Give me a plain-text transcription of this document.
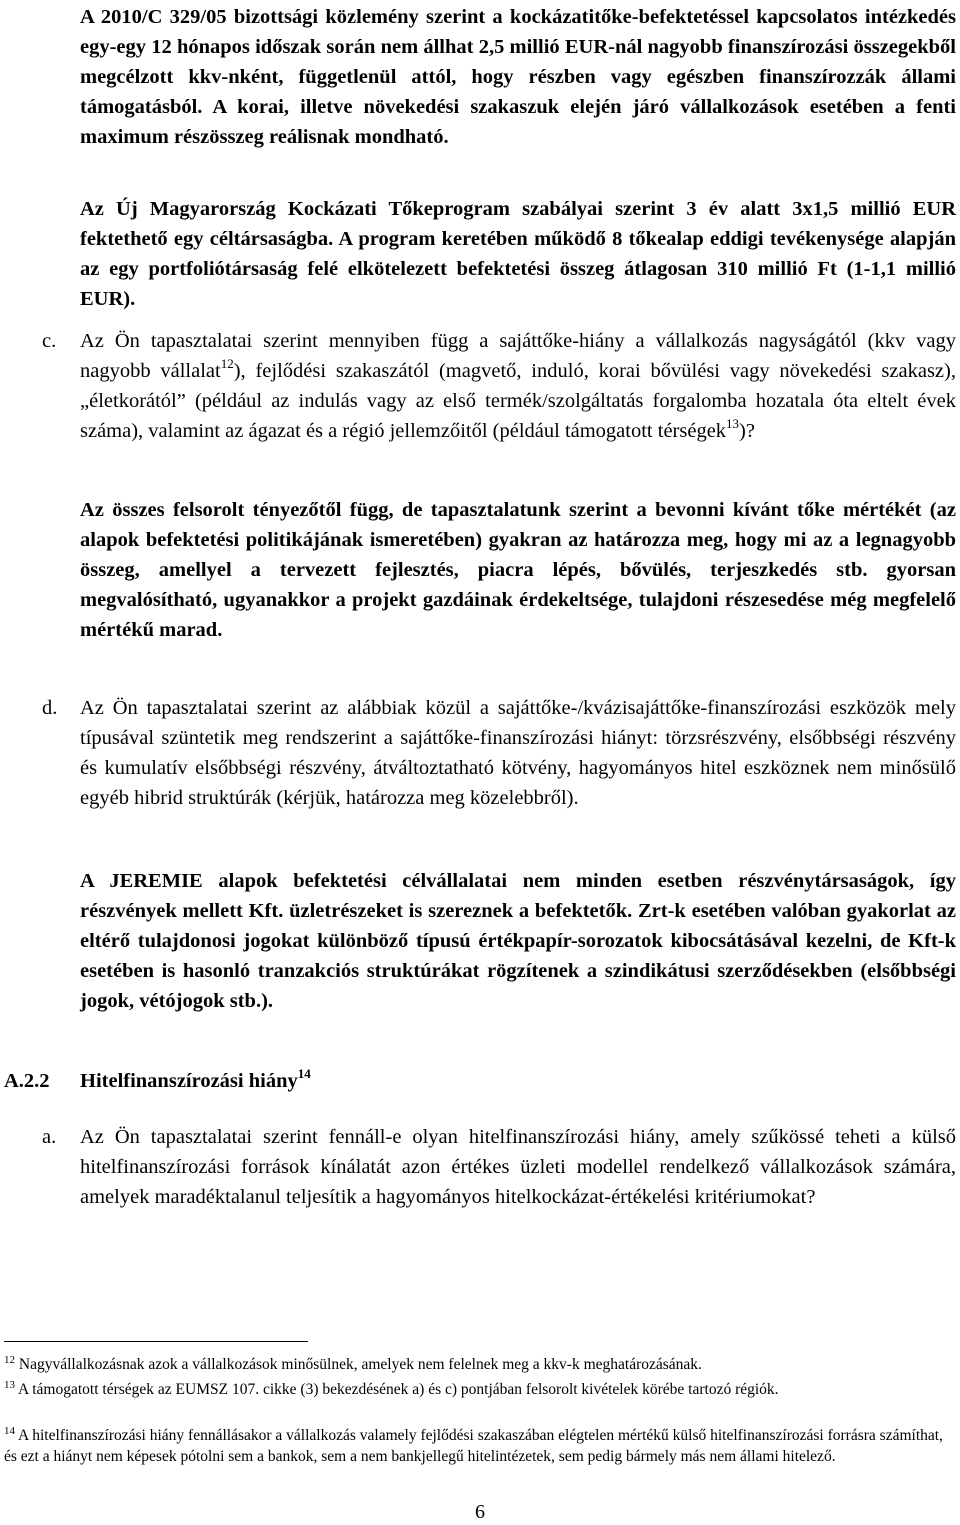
A 2010/C 329/05 bizottsági közlemény szerint a kockázatitőke-befektetéssel kapcsolatos intézkedés egy-egy 12 hónapos időszak során nem állhat 2,5 millió EUR-nál nagyobb finanszírozási összegekből megcélzott kkv-nként, függetlenül attól, hogy részben vagy egészben finanszírozzák állami támogatásból. A korai, illetve növekedési szakaszuk elején járó vállalkozások esetében a fenti maximum részösszeg reálisnak mondható.

Az Új Magyarország Kockázati Tőkeprogram szabályai szerint 3 év alatt 3x1,5 millió EUR fektethető egy céltársaságba. A program keretében működő 8 tőkealap eddigi tevékenysége alapján az egy portfoliótársaság felé elkötelezett befektetési összeg átlagosan 310 millió Ft (1-1,1 millió EUR).

c. Az Ön tapasztalatai szerint mennyiben függ a sajáttőke-hiány a vállalkozás nagyságától (kkv vagy nagyobb vállalat$^{12}$), fejlődési szakaszától (magvető, induló, korai bővülési vagy növekedési szakasz), „életkorától” (például az indulás vagy az első termék/szolgáltatás forgalomba hozatala óta eltelt évek száma), valamint az ágazat és a régió jellemzőitől (például támogatott térségek$^{13}$)?

Az összes felsorolt tényezőtől függ, de tapasztalatunk szerint a bevonni kívánt tőke mértékét (az alapok befektetési politikájának ismeretében) gyakran az határozza meg, hogy mi az a legnagyobb összeg, amellyel a tervezett fejlesztés, piacra lépés, bővülés, terjeszkedés stb. gyorsan megvalósítható, ugyanakkor a projekt gazdáinak érdekeltsége, tulajdoni részesedése még megfelelő mértékű marad.

d. Az Ön tapasztalatai szerint az alábbiak közül a sajáttőke-/kvázisajáttőke-finanszírozási eszközök mely típusával szüntetik meg rendszerint a sajáttőke-finanszírozási hiányt: törzsrészvény, elsőbbségi részvény és kumulatív elsőbbségi részvény, átváltoztatható kötvény, hagyományos hitel eszköznek nem minősülő egyéb hibrid struktúrák (kérjük, határozza meg közelebbről).

A JEREMIE alapok befektetési célvállalatai nem minden esetben részvénytársaságok, így részvények mellett Kft. üzletrészeket is szereznek a befektetők. Zrt-k esetében valóban gyakorlat az eltérő tulajdonosi jogokat különböző típusú értékpapír-sorozatok kibocsátásával kezelni, de Kft-k esetében is hasonló tranzakciós struktúrákat rögzítenek a szindikátusi szerződésekben (elsőbbségi jogok, vétójogok stb.).

A.2.2 Hitelfinanszírozási hiány$^{14}$
a. Az Ön tapasztalatai szerint fennáll-e olyan hitelfinanszírozási hiány, amely szűkössé teheti a külső hitelfinanszírozási források kínálatát azon értékes üzleti modellel rendelkező vállalkozások számára, amelyek maradéktalanul teljesítik a hagyományos hitelkockázat-értékelési kritériumokat?

$^{12}$ Nagyvállalkozásnak azok a vállalkozások minősülnek, amelyek nem felelnek meg a kkv-k meghatározásának.

$^{13}$ A támogatott térségek az EUMSZ 107. cikke (3) bekezdésének a) és c) pontjában felsorolt kivételek körébe tartozó régiók.

$^{14}$ A hitelfinanszírozási hiány fennállásakor a vállalkozás valamely fejlődési szakaszában elégtelen mértékű külső hitelfinanszírozási forrásra számíthat, és ezt a hiányt nem képesek pótolni sem a bankok, sem a nem bankjellegű hitelintézetek, sem pedig bármely más nem állami hitelező.

6
